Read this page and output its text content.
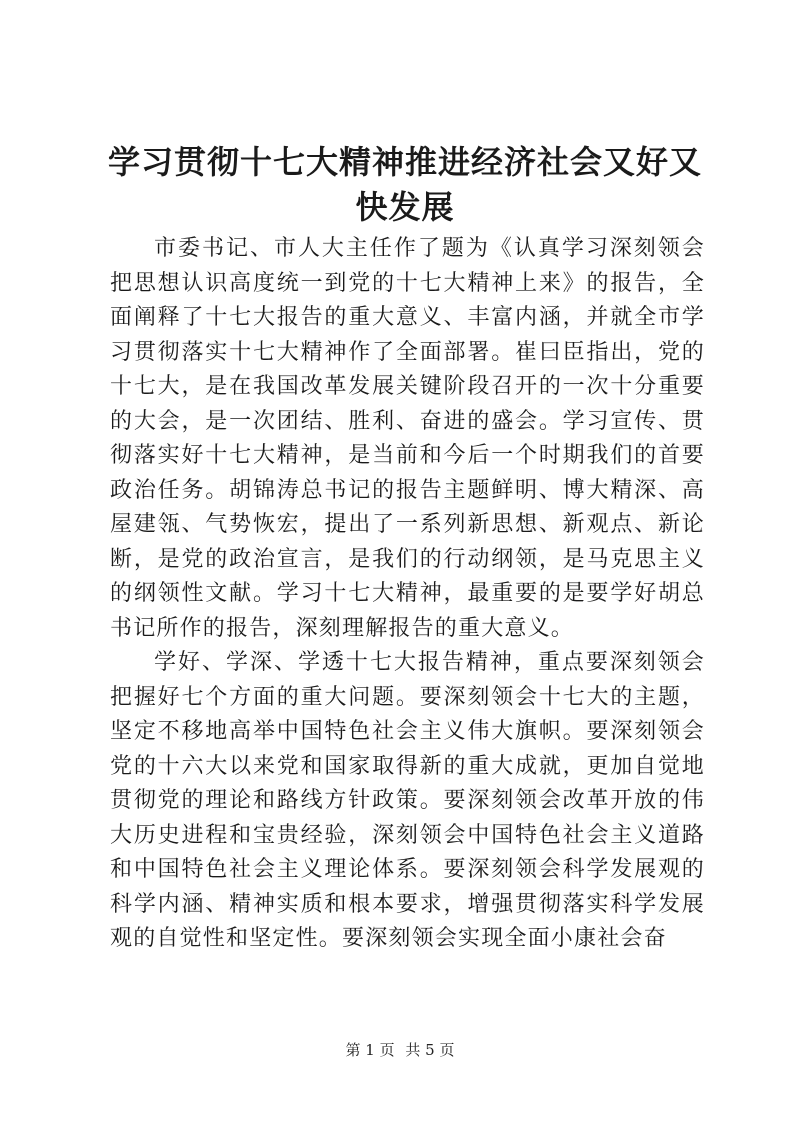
学习贯彻十七大精神推进经济社会又好又快发展

市委书记、市人大主任作了题为《认真学习深刻领会把思想认识高度统一到党的十七大精神上来》的报告，全面阐释了十七大报告的重大意义、丰富内涵，并就全市学习贯彻落实十七大精神作了全面部署。崔曰臣指出，党的十七大，是在我国改革发展关键阶段召开的一次十分重要的大会，是一次团结、胜利、奋进的盛会。学习宣传、贯彻落实好十七大精神，是当前和今后一个时期我们的首要政治任务。胡锦涛总书记的报告主题鲜明、博大精深、高屋建瓴、气势恢宏，提出了一系列新思想、新观点、新论断，是党的政治宣言，是我们的行动纲领，是马克思主义的纲领性文献。学习十七大精神，最重要的是要学好胡总书记所作的报告，深刻理解报告的重大意义。

学好、学深、学透十七大报告精神，重点要深刻领会把握好七个方面的重大问题。要深刻领会十七大的主题，坚定不移地高举中国特色社会主义伟大旗帜。要深刻领会党的十六大以来党和国家取得新的重大成就，更加自觉地贯彻党的理论和路线方针政策。要深刻领会改革开放的伟大历史进程和宝贵经验，深刻领会中国特色社会主义道路和中国特色社会主义理论体系。要深刻领会科学发展观的科学内涵、精神实质和根本要求，增强贯彻落实科学发展观的自觉性和坚定性。要深刻领会实现全面小康社会奋

第 1 页 共 5 页
